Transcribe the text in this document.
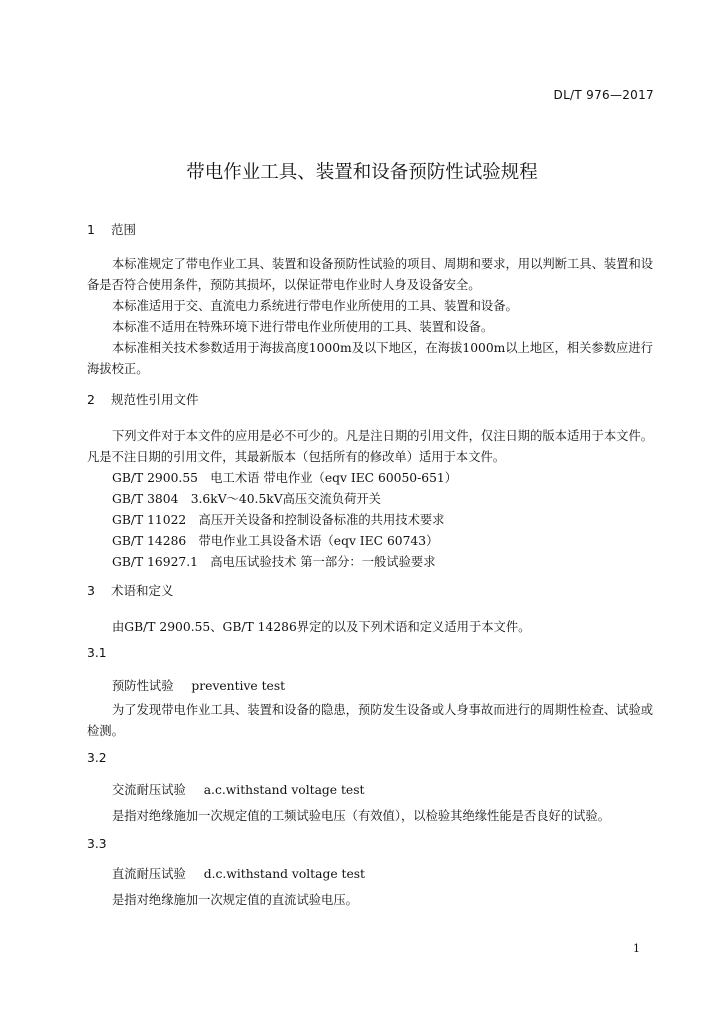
DL/T 976—2017
带电作业工具、装置和设备预防性试验规程
1 范围

本标准规定了带电作业工具、装置和设备预防性试验的项目、周期和要求，用以判断工具、装置和设备是否符合使用条件，预防其损坏，以保证带电作业时人身及设备安全。

本标准适用于交、直流电力系统进行带电作业所使用的工具、装置和设备。

本标准不适用在特殊环境下进行带电作业所使用的工具、装置和设备。

本标准相关技术参数适用于海拔高度1000m及以下地区，在海拔1000m以上地区，相关参数应进行海拔校正。

2 规范性引用文件

下列文件对于本文件的应用是必不可少的。凡是注日期的引用文件，仅注日期的版本适用于本文件。凡是不注日期的引用文件，其最新版本（包括所有的修改单）适用于本文件。

GB/T 2900.55　电工术语 带电作业（eqv IEC 60050-651）
GB/T 3804　3.6kV～40.5kV高压交流负荷开关
GB/T 11022　高压开关设备和控制设备标准的共用技术要求
GB/T 14286　带电作业工具设备术语（eqv IEC 60743）
GB/T 16927.1　高电压试验技术 第一部分：一般试验要求
3 术语和定义

由GB/T 2900.55、GB/T 14286界定的以及下列术语和定义适用于本文件。

3.1
预防性试验 preventive test

为了发现带电作业工具、装置和设备的隐患，预防发生设备或人身事故而进行的周期性检查、试验或检测。

3.2
交流耐压试验 a.c.withstand voltage test

是指对绝缘施加一次规定值的工频试验电压（有效值），以检验其绝缘性能是否良好的试验。

3.3
直流耐压试验 d.c.withstand voltage test

是指对绝缘施加一次规定值的直流试验电压。

1
